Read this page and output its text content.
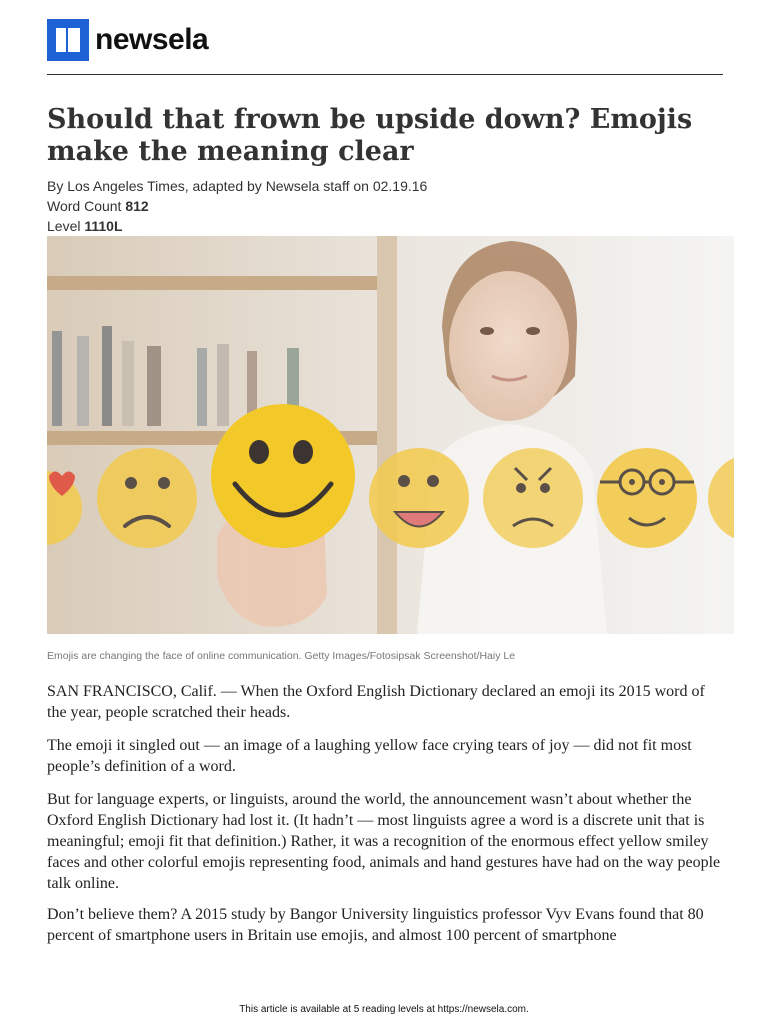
newsela
Should that frown be upside down? Emojis make the meaning clear
By Los Angeles Times, adapted by Newsela staff on 02.19.16
Word Count 812
Level 1110L
Emojis are changing the face of online communication. Getty Images/Fotosipsak Screenshot/Haiy Le

SAN FRANCISCO, Calif. — When the Oxford English Dictionary declared an emoji its 2015 word of the year, people scratched their heads.

The emoji it singled out — an image of a laughing yellow face crying tears of joy — did not fit most people’s definition of a word.

But for language experts, or linguists, around the world, the announcement wasn’t about whether the Oxford English Dictionary had lost it. (It hadn’t — most linguists agree a word is a discrete unit that is meaningful; emoji fit that definition.) Rather, it was a recognition of the enormous effect yellow smiley faces and other colorful emojis representing food, animals and hand gestures have had on the way people talk online.

Don’t believe them? A 2015 study by Bangor University linguistics professor Vyv Evans found that 80 percent of smartphone users in Britain use emojis, and almost 100 percent of smartphone

This article is available at 5 reading levels at https://newsela.com.
